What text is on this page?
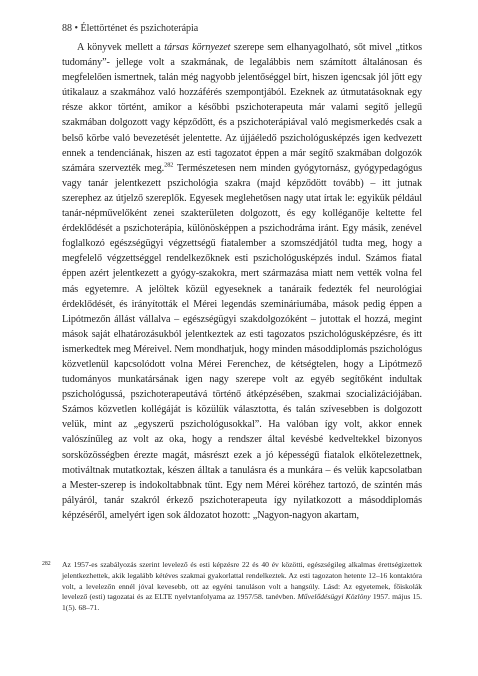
88 • Élettörténet és pszichoterápia

A könyvek mellett a társas környezet szerepe sem elhanyagolható, sőt mivel „titkos tudomány”- jellege volt a szakmának, de legalábbis nem számított általánosan és megfelelően ismertnek, talán még nagyobb jelentőséggel bírt, hiszen igencsak jól jött egy útikalauz a szakmához való hozzáférés szempontjából. Ezeknek az útmutatásoknak egy része akkor történt, amikor a későbbi pszichoterapeuta már valami segítő jellegű szakmában dolgozott vagy képződött, és a pszichoterápiával való megismerkedés csak a belső körbe való bevezetését jelentette. Az újjáéledő pszichológusképzés igen kedvezett ennek a tendenciának, hiszen az esti tagozatot éppen a már segítő szakmában dolgozók számára szervezték meg.$^{282}$ Természetesen nem minden gyógytornász, gyógypedagógus vagy tanár jelentkezett pszichológia szakra (majd képződött tovább) – itt jutnak szerephez az útjelző szereplők. Egyesek meglehetősen nagy utat írtak le: egyikük például tanár-népművelőként zenei szakterületen dolgozott, és egy kolléganője keltette fel érdeklődését a pszichoterápia, különösképpen a pszichodráma iránt. Egy másik, zenével foglalkozó egészségügyi végzettségű fiatalember a szomszédjától tudta meg, hogy a megfelelő végzettséggel rendelkezőknek esti pszichológusképzés indul. Számos fiatal éppen azért jelentkezett a gyógy-szakokra, mert származása miatt nem vették volna fel más egyetemre. A jelöltek közül egyeseknek a tanáraik fedezték fel neurológiai érdeklődését, és irányították el Mérei legendás szemináriumába, mások pedig éppen a Lipótmezőn állást vállalva – egészségügyi szakdolgozóként – jutottak el hozzá, megint mások saját elhatározásukból jelentkeztek az esti tagozatos pszichológusképzésre, és itt ismerkedtek meg Méreivel. Nem mondhatjuk, hogy minden másoddiplomás pszichológus közvetlenül kapcsolódott volna Mérei Ferenchez, de kétségtelen, hogy a Lipótmező tudományos munkatársának igen nagy szerepe volt az egyéb segítőként indultak pszichológussá, pszichoterapeutává történő átképzésében, szakmai szocializációjában. Számos közvetlen kollégáját is közülük választotta, és talán szívesebben is dolgozott velük, mint az „egyszerű pszichológusokkal”. Ha valóban így volt, akkor ennek valószínűleg az volt az oka, hogy a rendszer által kevésbé kedveltekkel bizonyos sorsközösségben érezte magát, másrészt ezek a jó képességű fiatalok elkötelezettnek, motiváltnak mutatkoztak, készen álltak a tanulásra és a munkára – és velük kapcsolatban a Mester-szerep is indokoltabbnak tűnt. Egy nem Mérei köréhez tartozó, de szintén más pályáról, tanár szakról érkező pszichoterapeuta így nyilatkozott a másoddiplomás képzéséről, amelyért igen sok áldozatot hozott: „Nagyon-nagyon akartam,

282 Az 1957-es szabályozás szerint levelező és esti képzésre 22 és 40 év közötti, egészségileg alkalmas érettségizettek jelentkezhettek, akik legalább kétéves szakmai gyakorlattal rendelkeztek. Az esti tagozaton hetente 12–16 kontaktóra volt, a levelezőn ennél jóval kevesebb, ott az egyéni tanuláson volt a hangsúly. Lásd: Az egyetemek, főiskolák levelező (esti) tagozatai és az ELTE nyelvtanfolyama az 1957/58. tanévben. Művelődésügyi Közlöny 1957. május 15. 1(5). 68–71.
